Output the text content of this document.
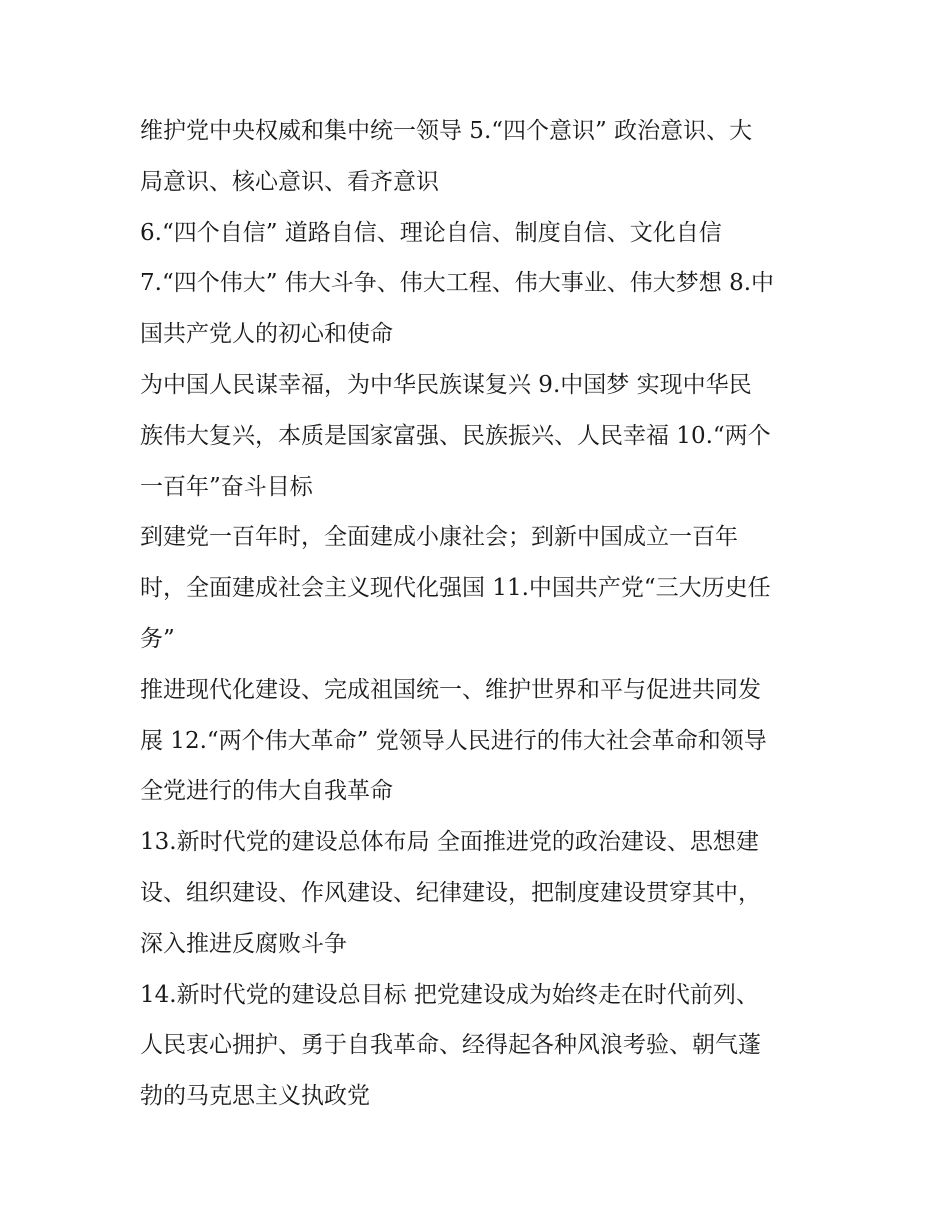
维护党中央权威和集中统一领导 5.“四个意识” 政治意识、大
局意识、核心意识、看齐意识
6.“四个自信” 道路自信、理论自信、制度自信、文化自信
7.“四个伟大” 伟大斗争、伟大工程、伟大事业、伟大梦想 8.中
国共产党人的初心和使命
为中国人民谋幸福，为中华民族谋复兴 9.中国梦 实现中华民
族伟大复兴，本质是国家富强、民族振兴、人民幸福 10.“两个
一百年”奋斗目标
到建党一百年时，全面建成小康社会；到新中国成立一百年
时，全面建成社会主义现代化强国 11.中国共产党“三大历史任
务”
推进现代化建设、完成祖国统一、维护世界和平与促进共同发
展 12.“两个伟大革命” 党领导人民进行的伟大社会革命和领导
全党进行的伟大自我革命
13.新时代党的建设总体布局 全面推进党的政治建设、思想建
设、组织建设、作风建设、纪律建设，把制度建设贯穿其中，
深入推进反腐败斗争
14.新时代党的建设总目标 把党建设成为始终走在时代前列、
人民衷心拥护、勇于自我革命、经得起各种风浪考验、朝气蓬
勃的马克思主义执政党
